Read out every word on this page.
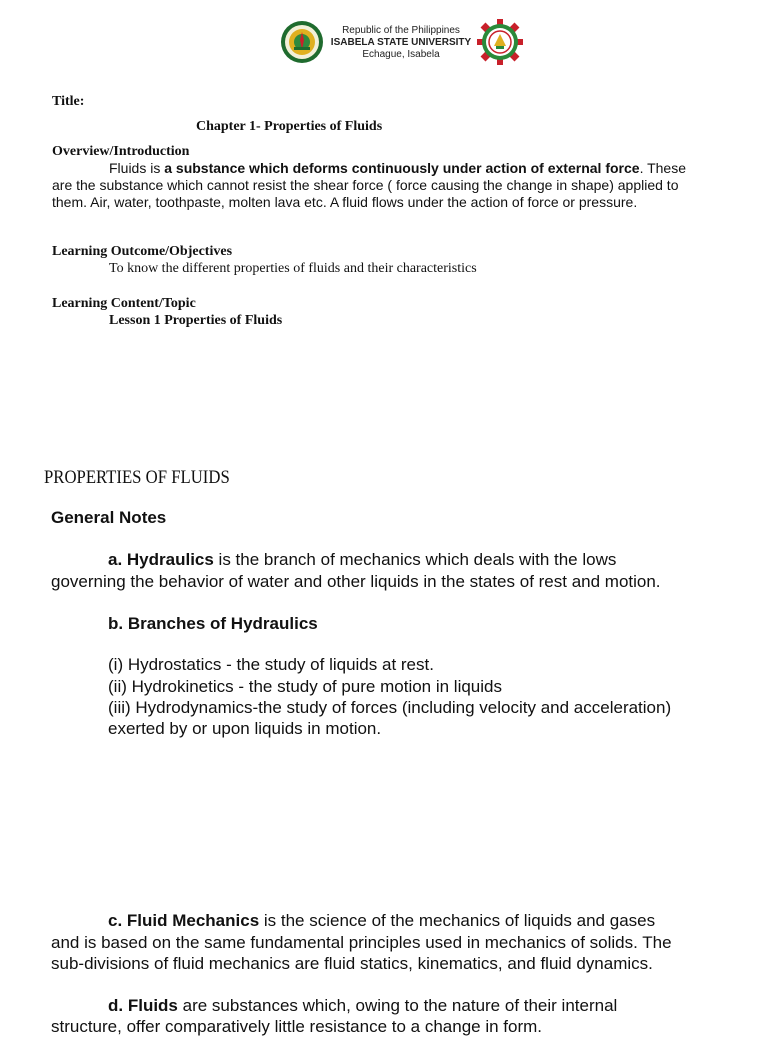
Republic of the Philippines
ISABELA STATE UNIVERSITY
Echague, Isabela
Title:
Chapter 1- Properties of Fluids
Overview/Introduction
Fluids is a substance which deforms continuously under action of external force. These
are the substance which cannot resist the shear force ( force causing the change in shape) applied to
them. Air, water, toothpaste, molten lava etc. A fluid flows under the action of force or pressure.
Learning Outcome/Objectives
To know the different properties of fluids and their characteristics
Learning Content/Topic
Lesson 1 Properties of Fluids
PROPERTIES OF FLUIDS
General Notes
a. Hydraulics is the branch of mechanics which deals with the lows
governing the behavior of water and other liquids in the states of rest and motion.
b. Branches of Hydraulics
(i) Hydrostatics - the study of liquids at rest.
(ii) Hydrokinetics - the study of pure motion in liquids
(iii) Hydrodynamics-the study of forces (including velocity and acceleration)
exerted by or upon liquids in motion.
c. Fluid Mechanics is the science of the mechanics of liquids and gases
and is based on the same fundamental principles used in mechanics of solids. The
sub-divisions of fluid mechanics are fluid statics, kinematics, and fluid dynamics.
d. Fluids are substances which, owing to the nature of their internal
structure, offer comparatively little resistance to a change in form.
